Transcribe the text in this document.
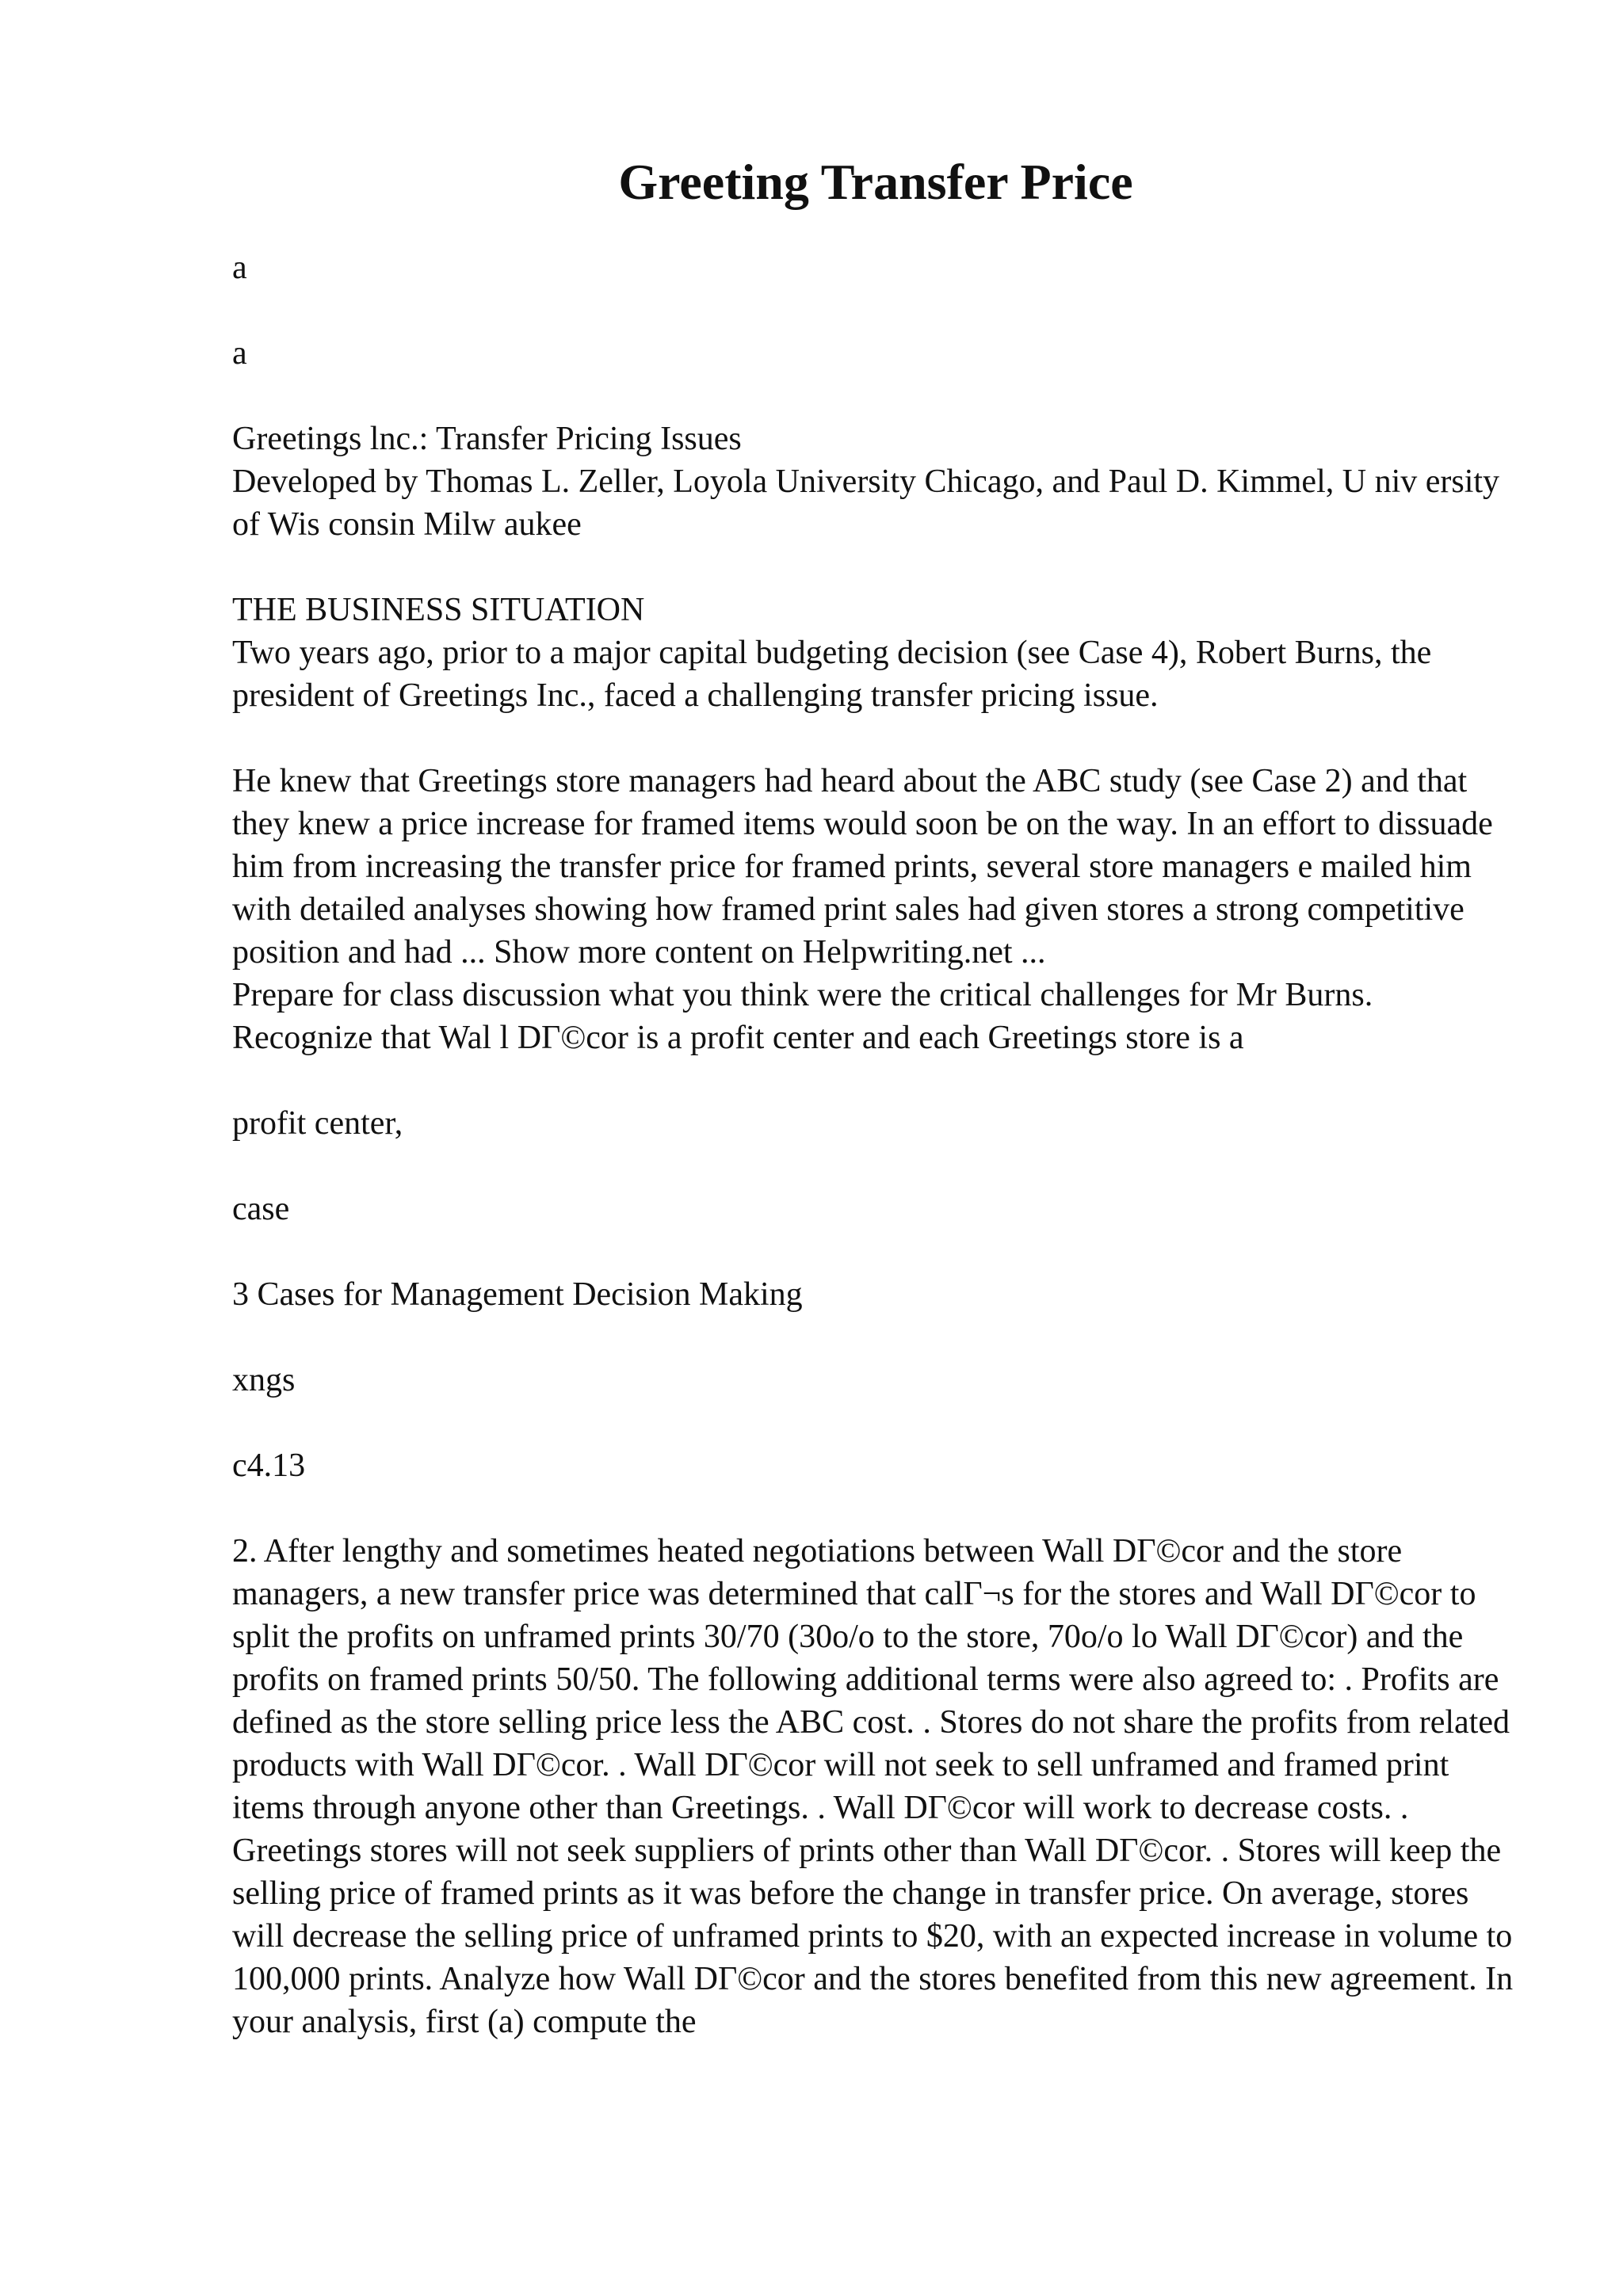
Greeting Transfer Price

a

a

Greetings lnc.: Transfer Pricing Issues
Developed by Thomas L. Zeller, Loyola University Chicago, and Paul D. Kimmel, U niv ersity of Wis consin Milw aukee

THE BUSINESS SITUATION
Two years ago, prior to a major capital budgeting decision (see Case 4), Robert Burns, the president of Greetings Inc., faced a challenging transfer pricing issue.

He knew that Greetings store managers had heard about the ABC study (see Case 2) and that they knew a price increase for framed items would soon be on the way. In an effort to dissuade him from increasing the transfer price for framed prints, several store managers e mailed him with detailed analyses showing how framed print sales had given stores a strong competitive position and had ... Show more content on Helpwriting.net ...

Prepare for class discussion what you think were the critical challenges for Mr Burns. Recognize that Wal l DΓ©cor is a profit center and each Greetings store is a

profit center,

case

3 Cases for Management Decision Making

xngs

c4.13

2. After lengthy and sometimes heated negotiations between Wall DΓ©cor and the store managers, a new transfer price was determined that calΓ¬s for the stores and Wall DΓ©cor to split the profits on unframed prints 30/70 (30o/o to the store, 70o/o lo Wall DΓ©cor) and the profits on framed prints 50/50. The following additional terms were also agreed to: . Profits are defined as the store selling price less the ABC cost. . Stores do not share the profits from related products with Wall DΓ©cor. . Wall DΓ©cor will not seek to sell unframed and framed print items through anyone other than Greetings. . Wall DΓ©cor will work to decrease costs. . Greetings stores will not seek suppliers of prints other than Wall DΓ©cor. . Stores will keep the selling price of framed prints as it was before the change in transfer price. On average, stores will decrease the selling price of unframed prints to $20, with an expected increase in volume to 100,000 prints. Analyze how Wall DΓ©cor and the stores benefited from this new agreement. In your analysis, first (a) compute the
